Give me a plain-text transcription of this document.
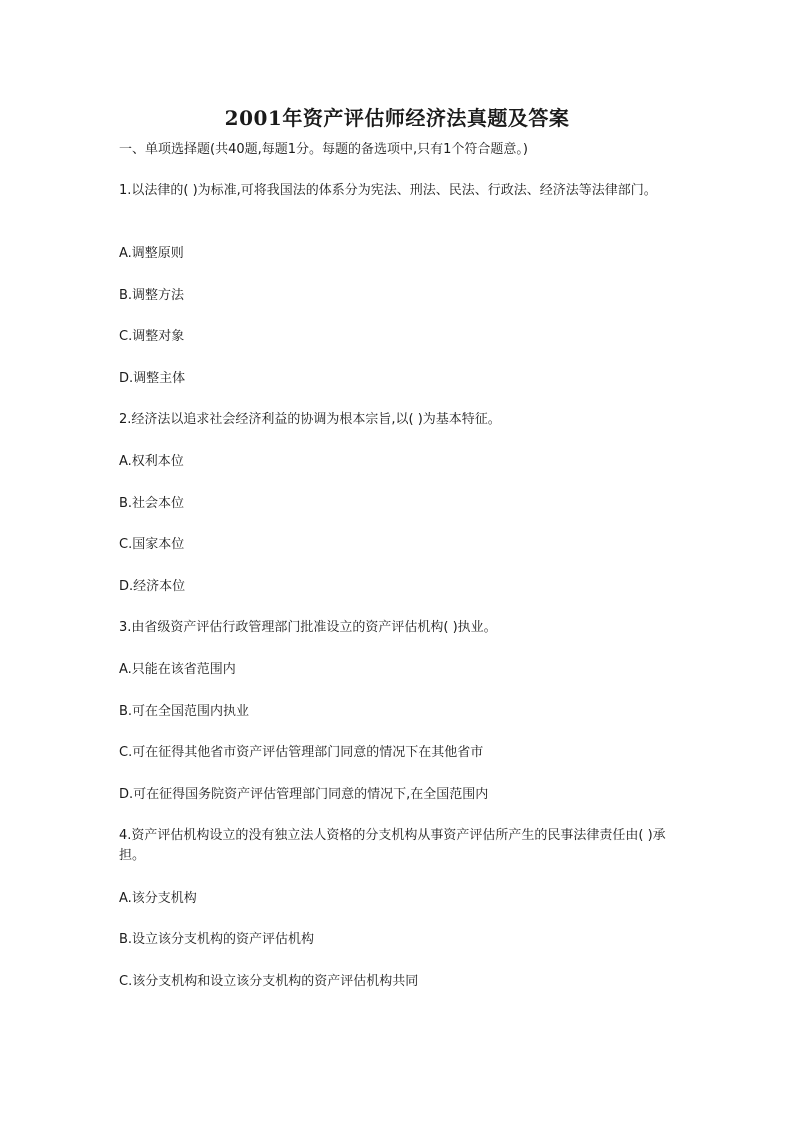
2001年资产评估师经济法真题及答案
一、单项选择题(共40题,每题1分。每题的备选项中,只有1个符合题意。)
1.以法律的( )为标准,可将我国法的体系分为宪法、刑法、民法、行政法、经济法等法律部门。
A.调整原则
B.调整方法
C.调整对象
D.调整主体
2.经济法以追求社会经济利益的协调为根本宗旨,以( )为基本特征。
A.权利本位
B.社会本位
C.国家本位
D.经济本位
3.由省级资产评估行政管理部门批准设立的资产评估机构( )执业。
A.只能在该省范围内
B.可在全国范围内执业
C.可在征得其他省市资产评估管理部门同意的情况下在其他省市
D.可在征得国务院资产评估管理部门同意的情况下,在全国范围内
4.资产评估机构设立的没有独立法人资格的分支机构从事资产评估所产生的民事法律责任由( )承担。
A.该分支机构
B.设立该分支机构的资产评估机构
C.该分支机构和设立该分支机构的资产评估机构共同
